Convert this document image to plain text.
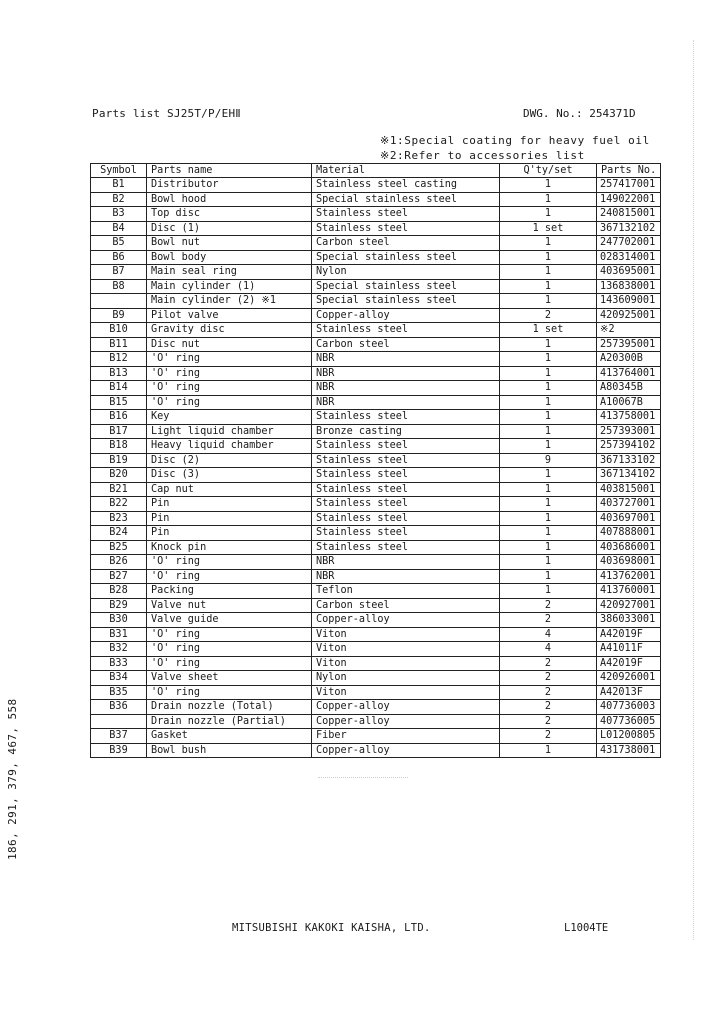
Parts list SJ25T/P/EHⅡ	DWG. No.: 254371D
※1:Special coating for heavy fuel oil
※2:Refer to accessories list
Symbol	Parts name	Material	Q'ty/set	Parts No.
B1	Distributor	Stainless steel casting	1	257417001
B2	Bowl hood	Special stainless steel	1	149022001
B3	Top disc	Stainless steel	1	240815001
B4	Disc (1)	Stainless steel	1 set	367132102
B5	Bowl nut	Carbon steel	1	247702001
B6	Bowl body	Special stainless steel	1	028314001
B7	Main seal ring	Nylon	1	403695001
B8	Main cylinder (1)	Special stainless steel	1	136838001
	Main cylinder (2) ※1	Special stainless steel	1	143609001
B9	Pilot valve	Copper-alloy	2	420925001
B10	Gravity disc	Stainless steel	1 set	※2
B11	Disc nut	Carbon steel	1	257395001
B12	'O' ring	NBR	1	A20300B
B13	'O' ring	NBR	1	413764001
B14	'O' ring	NBR	1	A80345B
B15	'O' ring	NBR	1	A10067B
B16	Key	Stainless steel	1	413758001
B17	Light liquid chamber	Bronze casting	1	257393001
B18	Heavy liquid chamber	Stainless steel	1	257394102
B19	Disc (2)	Stainless steel	9	367133102
B20	Disc (3)	Stainless steel	1	367134102
B21	Cap nut	Stainless steel	1	403815001
B22	Pin	Stainless steel	1	403727001
B23	Pin	Stainless steel	1	403697001
B24	Pin	Stainless steel	1	407888001
B25	Knock pin	Stainless steel	1	403686001
B26	'O' ring	NBR	1	403698001
B27	'O' ring	NBR	1	413762001
B28	Packing	Teflon	1	413760001
B29	Valve nut	Carbon steel	2	420927001
B30	Valve guide	Copper-alloy	2	386033001
B31	'O' ring	Viton	4	A42019F
B32	'O' ring	Viton	4	A41011F
B33	'O' ring	Viton	2	A42019F
B34	Valve sheet	Nylon	2	420926001
B35	'O' ring	Viton	2	A42013F
B36	Drain nozzle (Total)	Copper-alloy	2	407736003
	Drain nozzle (Partial)	Copper-alloy	2	407736005
B37	Gasket	Fiber	2	L01200805
B39	Bowl bush	Copper-alloy	1	431738001
MITSUBISHI KAKOKI KAISHA, LTD.	L1004TE
186, 291, 379, 467, 558
